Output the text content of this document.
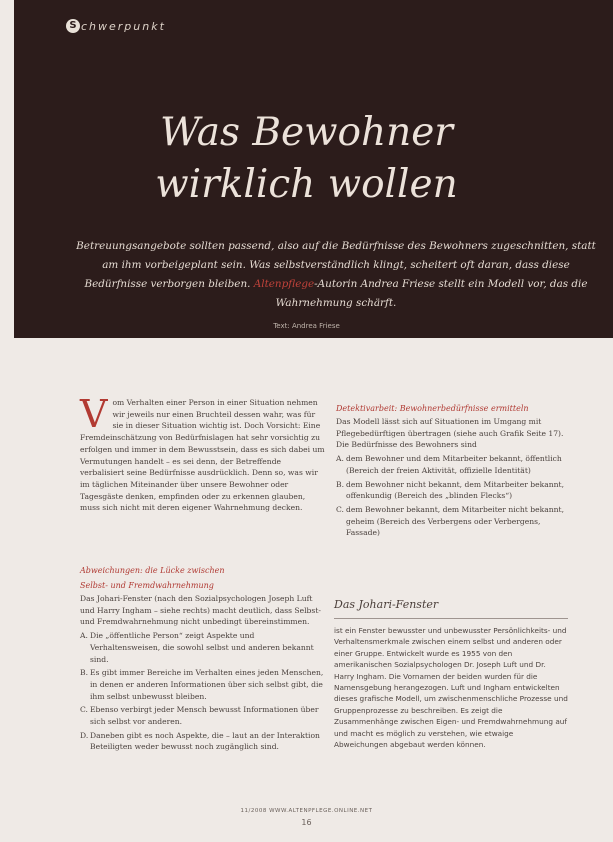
S chwerpunkt
Was Bewohner
wirklich wollen
Betreuungsangebote sollten passend, also auf die Bedürfnisse des Bewohners zugeschnitten, statt am ihm vorbeigeplant sein. Was selbstverständlich klingt, scheitert oft daran, dass diese Bedürfnisse verborgen bleiben. Altenpflege-Autorin Andrea Friese stellt ein Modell vor, das die Wahrnehmung schärft.
Text: Andrea Friese
V om Verhalten einer Person in einer Situation nehmen wir jeweils nur einen Bruchteil dessen wahr, was für sie in dieser Situation wichtig ist. Doch Vorsicht: Eine Fremdeinschätzung von Bedürfnislagen hat sehr vorsichtig zu erfolgen und immer in dem Bewusstsein, dass es sich dabei um Vermutungen handelt – es sei denn, der Betreffende verbalisiert seine Bedürfnisse ausdrücklich. Denn so, was wir im täglichen Miteinander über unsere Bewohner oder Tagesgäste denken, empfinden oder zu erkennen glauben, muss sich nicht mit deren eigener Wahrnehmung decken.
Abweichungen: die Lücke zwischen
Selbst- und Fremdwahrnehmung

Das Johari-Fenster (nach den Sozialpsychologen Joseph Luft und Harry Ingham – siehe rechts) macht deutlich, dass Selbst- und Fremdwahrnehmung nicht unbedingt übereinstimmen.

A. Die „öffentliche Person“ zeigt Aspekte und Verhaltensweisen, die sowohl selbst und anderen bekannt sind.
B. Es gibt immer Bereiche im Verhalten eines jeden Menschen, in denen er anderen Informationen über sich selbst gibt, die ihm selbst unbewusst bleiben.
C. Ebenso verbirgt jeder Mensch bewusst Informationen über sich selbst vor anderen.
D. Daneben gibt es noch Aspekte, die – laut an der Interaktion Beteiligten weder bewusst noch zugänglich sind.
Detektivarbeit: Bewohnerbedürfnisse ermitteln

Das Modell lässt sich auf Situationen im Umgang mit Pflegebedürftigen übertragen (siehe auch Grafik Seite 17). Die Bedürfnisse des Bewohners sind

A. dem Bewohner und dem Mitarbeiter bekannt, öffentlich (Bereich der freien Aktivität, offizielle Identität)
B. dem Bewohner nicht bekannt, dem Mitarbeiter bekannt, offenkundig (Bereich des „blinden Flecks“)
C. dem Bewohner bekannt, dem Mitarbeiter nicht bekannt, geheim (Bereich des Verbergens oder Verbergens, Fassade)
Das Johari-Fenster
ist ein Fenster bewusster und unbewusster Persönlichkeits- und Verhaltensmerkmale zwischen einem selbst und anderen oder einer Gruppe. Entwickelt wurde es 1955 von den amerikanischen Sozialpsychologen Dr. Joseph Luft und Dr. Harry Ingham. Die Vornamen der beiden wurden für die Namensgebung herangezogen. Luft und Ingham entwickelten dieses grafische Modell, um zwischenmenschliche Prozesse und Gruppenprozesse zu beschreiben. Es zeigt die Zusammenhänge zwischen Eigen- und Fremdwahrnehmung auf und macht es möglich zu verstehen, wie etwaige Abweichungen abgebaut werden können.
11/2008 WWW.ALTENPFLEGE.ONLINE.NET
16
